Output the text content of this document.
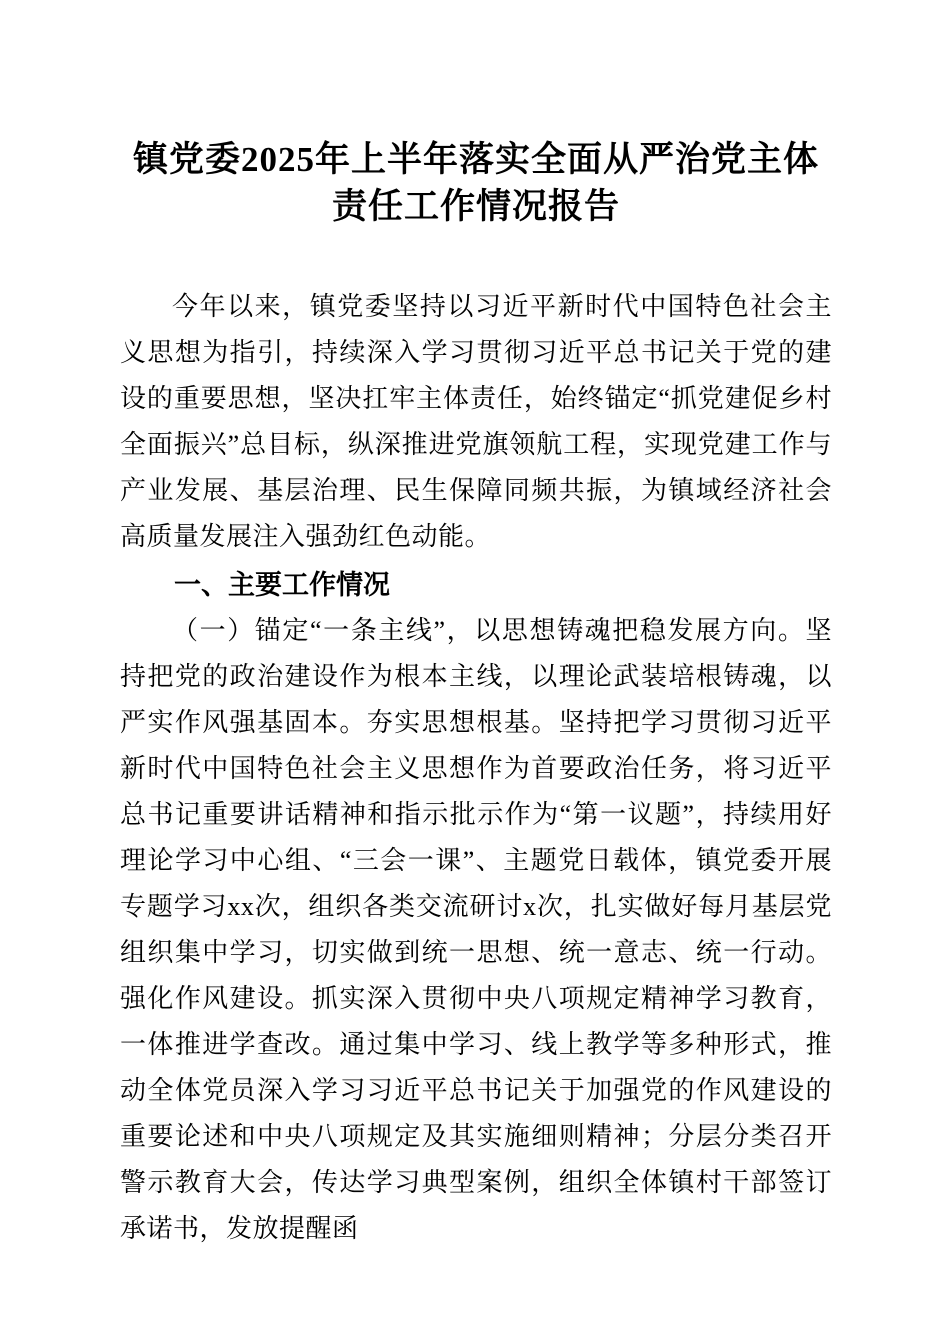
镇党委2025年上半年落实全面从严治党主体
责任工作情况报告

今年以来，镇党委坚持以习近平新时代中国特色社会主义思想为指引，持续深入学习贯彻习近平总书记关于党的建设的重要思想，坚决扛牢主体责任，始终锚定“抓党建促乡村全面振兴”总目标，纵深推进党旗领航工程，实现党建工作与产业发展、基层治理、民生保障同频共振，为镇域经济社会高质量发展注入强劲红色动能。

一、主要工作情况

（一）锚定“一条主线”，以思想铸魂把稳发展方向。坚持把党的政治建设作为根本主线，以理论武装培根铸魂，以严实作风强基固本。夯实思想根基。坚持把学习贯彻习近平新时代中国特色社会主义思想作为首要政治任务，将习近平总书记重要讲话精神和指示批示作为“第一议题”，持续用好理论学习中心组、“三会一课”、主题党日载体，镇党委开展专题学习xx次，组织各类交流研讨x次，扎实做好每月基层党组织集中学习，切实做到统一思想、统一意志、统一行动。强化作风建设。抓实深入贯彻中央八项规定精神学习教育，一体推进学查改。通过集中学习、线上教学等多种形式，推动全体党员深入学习习近平总书记关于加强党的作风建设的重要论述和中央八项规定及其实施细则精神；分层分类召开警示教育大会，传达学习典型案例，组织全体镇村干部签订承诺书，发放提醒函
